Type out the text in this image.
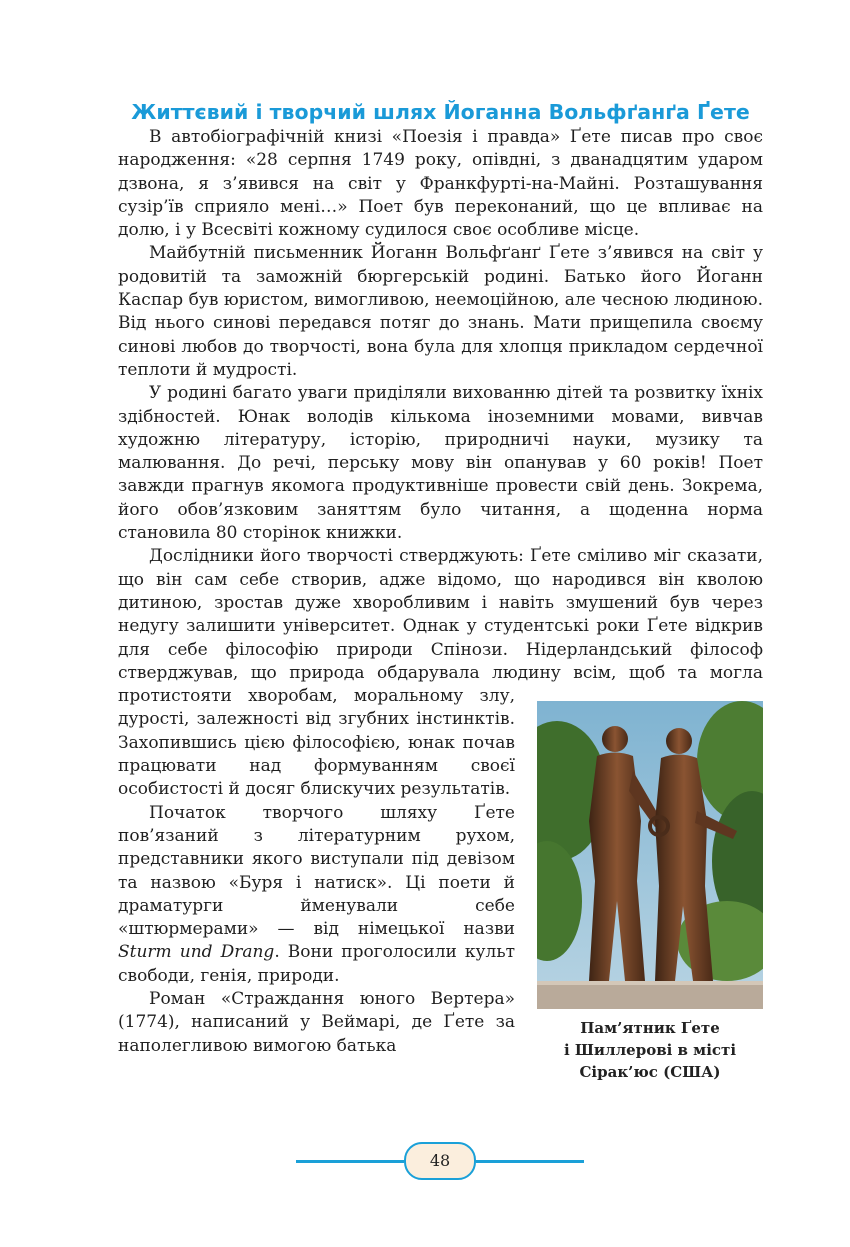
Життєвий і творчий шлях Йоганна Вольфґанґа Ґете

В автобіографічній книзі «Поезія і правда» Ґете писав про своє народження: «28 серпня 1749 року, опівдні, з дванадцятим ударом дзвона, я з’явився на світ у Франкфурті-на-Майні. Розташування сузір’їв сприяло мені…» Поет був переконаний, що це впливає на долю, і у Всесвіті кожному судилося своє особливе місце.

Майбутній письменник Йоганн Вольфґанґ Ґете з’явився на світ у родовитій та заможній бюргерській родині. Батько його Йоганн Каспар був юристом, вимогливою, неемоційною, але чесною людиною. Від нього синові передався потяг до знань. Мати прищепила своєму синові любов до творчості, вона була для хлопця прикладом сердечної теплоти й мудрості.

У родині багато уваги приділяли вихованню дітей та розвитку їхніх здібностей. Юнак володів кількома іноземними мовами, вивчав художню літературу, історію, природничі науки, музику та малювання. До речі, перську мову він опанував у 60 років! Поет завжди прагнув якомога продуктивніше провести свій день. Зокрема, його обов’язковим заняттям було читання, а щоденна норма становила 80 сторінок книжки.

Дослідники його творчості стверджують: Ґете сміливо міг сказати, що він сам себе створив, адже відомо, що народився він кволою дитиною, зростав дуже хворобливим і навіть змушений був через недугу залишити університет. Однак у студентські роки Ґете відкрив для себе філософію природи Спінози. Нідерландський філософ стверджував, що природа обдарувала людину всім, щоб та
Пам’ятник Ґете
і Шиллерові в місті
Сірак’юс (США)
могла протистояти хворобам, моральному злу, дурості, залежності від згубних інстинктів. Захопившись цією філософією, юнак почав працювати над формуванням своєї особистості й досяг блискучих результатів.

Початок творчого шляху Ґете пов’язаний з літературним рухом, представники якого виступали під девізом та назвою «Буря і натиск». Ці поети й драматурги йменували себе «штюрмерами» — від німецької назви Sturm und Drang. Вони проголосили культ свободи, генія, природи.

Роман «Страждання юного Вертера» (1774), написаний у Веймарі, де Ґете за наполегливою вимогою батька

48
